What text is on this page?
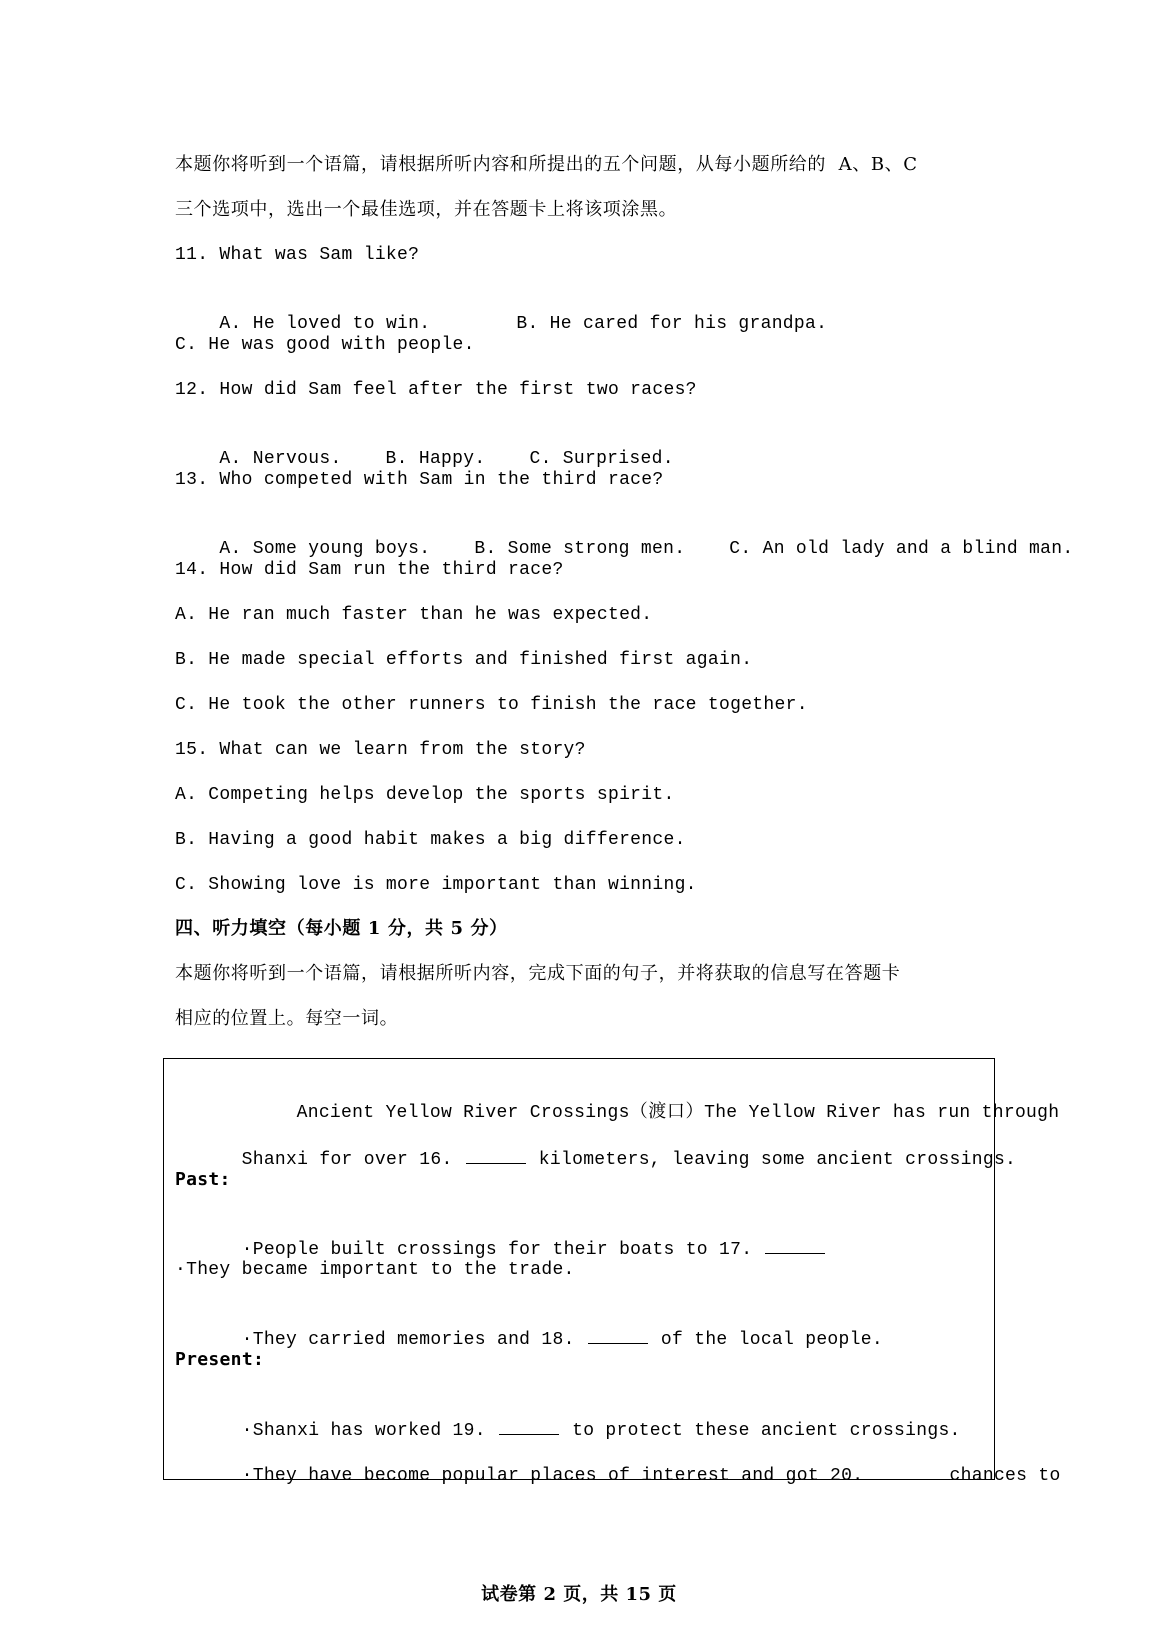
本题你将听到一个语篇，请根据所听内容和所提出的五个问题，从每小题所给的  A、B、C
三个选项中，选出一个最佳选项，并在答题卡上将该项涂黑。
11. What was Sam like?

A. He loved to win.	B. He cared for his grandpa.

C. He was good with people.
12. How did Sam feel after the first two races?

A. Nervous. B. Happy. C. Surprised.

13. Who competed with Sam in the third race?

A. Some young boys. B. Some strong men. C. An old lady and a blind man.

14. How did Sam run the third race?
A. He ran much faster than he was expected.
B. He made special efforts and finished first again.
C. He took the other runners to finish the race together.
15. What can we learn from the story?
A. Competing helps develop the sports spirit.
B. Having a good habit makes a big difference.
C. Showing love is more important than winning.
四、听力填空（每小题 1 分，共 5 分）
本题你将听到一个语篇，请根据所听内容，完成下面的句子，并将获取的信息写在答题卡
相应的位置上。每空一词。

Ancient Yellow River Crossings（渡口）The Yellow River has run through

Shanxi for over 16.	kilometers, leaving some ancient crossings.

Past:

·People built crossings for their boats to 17.

·They became important to the trade.

·They carried memories and 18.	of the local people.

Present:

·Shanxi has worked 19.	to protect these ancient crossings.

·They have become popular places of interest and got 20.	chances to

试卷第 2 页，共 15 页
